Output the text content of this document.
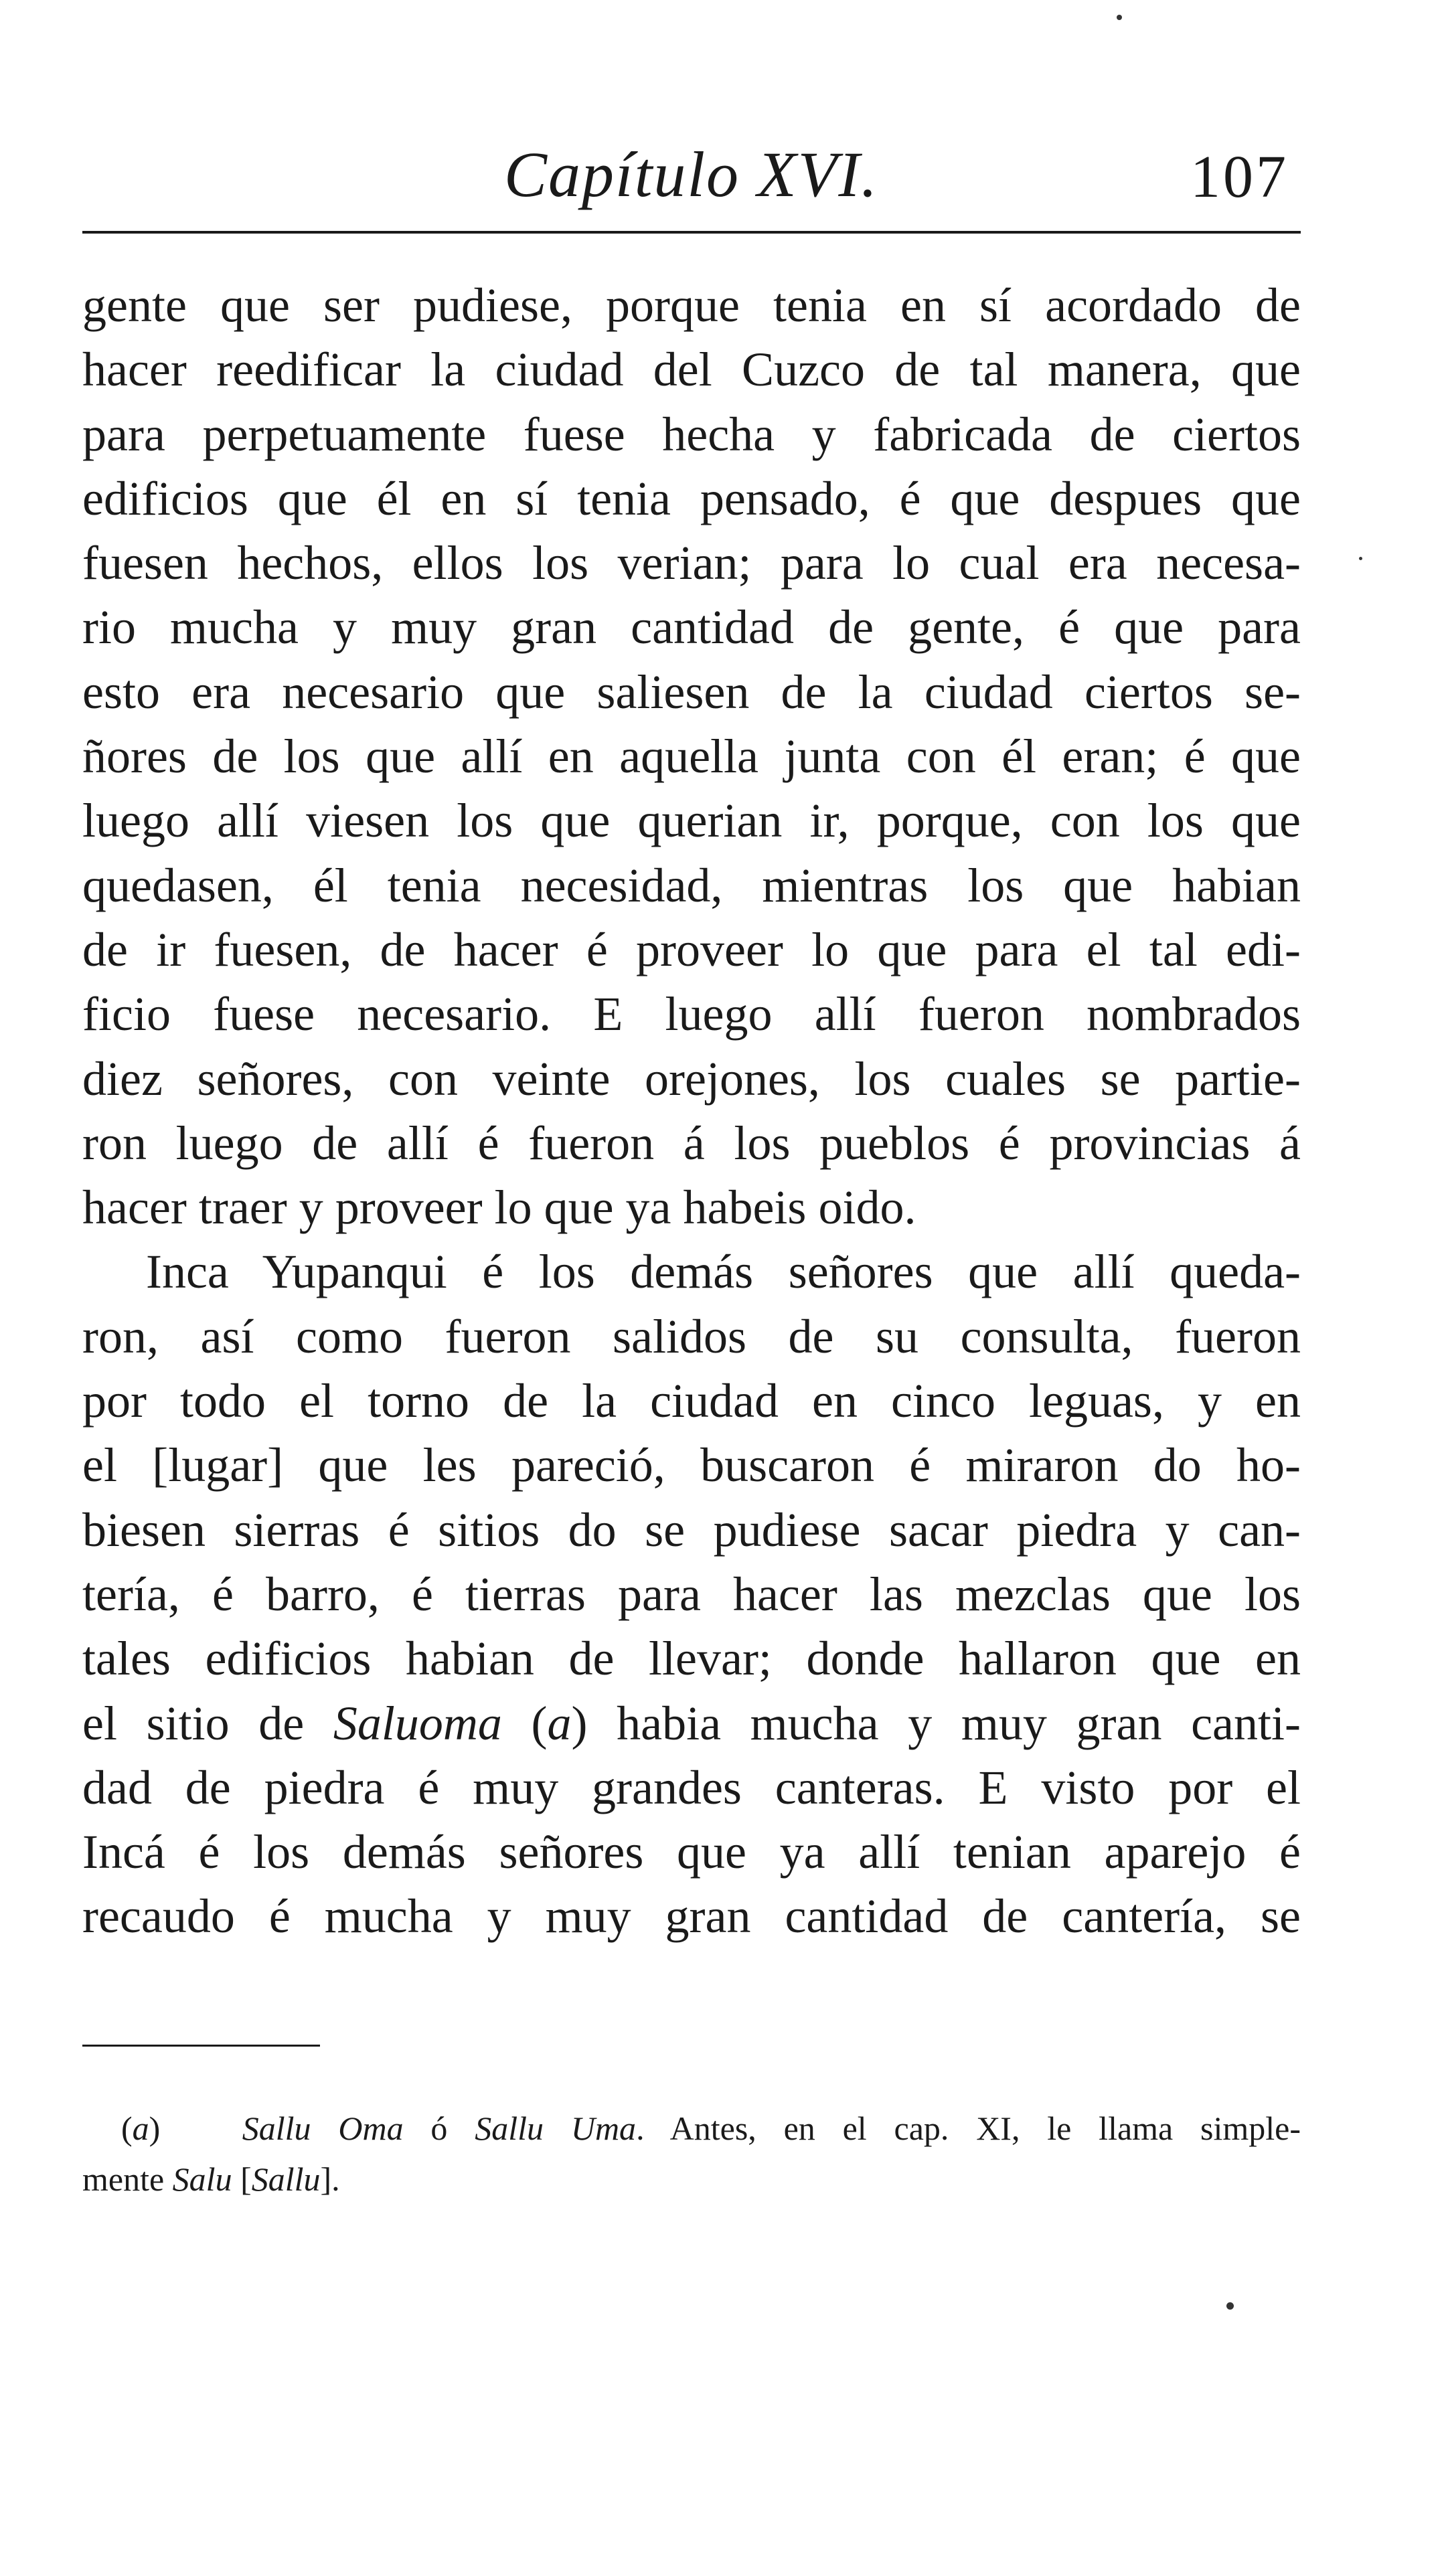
Capítulo XVI.	107
gente que ser pudiese, porque tenia en sí acordado de
hacer reedificar la ciudad del Cuzco de tal manera, que
para perpetuamente fuese hecha y fabricada de ciertos
edificios que él en sí tenia pensado, é que despues que
fuesen hechos, ellos los verian; para lo cual era necesa-
rio mucha y muy gran cantidad de gente, é que para
esto era necesario que saliesen de la ciudad ciertos se-
ñores de los que allí en aquella junta con él eran; é que
luego allí viesen los que querian ir, porque, con los que
quedasen, él tenia necesidad, mientras los que habian
de ir fuesen, de hacer é proveer lo que para el tal edi-
ficio fuese necesario. E luego allí fueron nombrados
diez señores, con veinte orejones, los cuales se partie-
ron luego de allí é fueron á los pueblos é provincias á
hacer traer y proveer lo que ya habeis oido.
Inca Yupanqui é los demás señores que allí queda-
ron, así como fueron salidos de su consulta, fueron
por todo el torno de la ciudad en cinco leguas, y en
el [lugar] que les pareció, buscaron é miraron do ho-
biesen sierras é sitios do se pudiese sacar piedra y can-
tería, é barro, é tierras para hacer las mezclas que los
tales edificios habian de llevar; donde hallaron que en
el sitio de Saluoma (a) habia mucha y muy gran canti-
dad de piedra é muy grandes canteras. E visto por el
Incá é los demás señores que ya allí tenian aparejo é
recaudo é mucha y muy gran cantidad de cantería, se
(a)   Sallu Oma ó Sallu Uma. Antes, en el cap. XI, le llama simple-
mente Salu [Sallu].
